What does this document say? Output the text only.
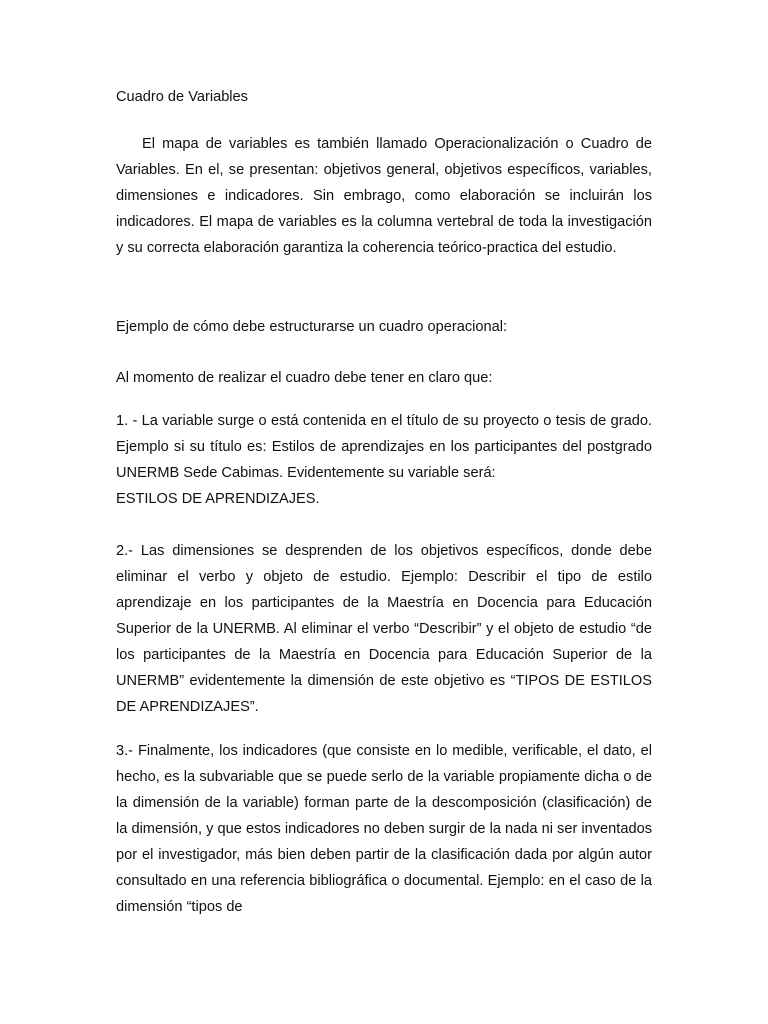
Cuadro de Variables

El mapa de variables es también llamado Operacionalización o Cuadro de Variables. En el, se presentan: objetivos general, objetivos específicos, variables, dimensiones e indicadores. Sin embrago, como elaboración se incluirán los indicadores. El mapa de variables es la columna vertebral de toda la investigación y su correcta elaboración garantiza la coherencia teórico-practica del estudio.

Ejemplo de cómo debe estructurarse un cuadro operacional:

Al momento de realizar el cuadro debe tener en claro que:

1. - La variable surge o está contenida en el título de su proyecto o tesis de grado. Ejemplo si su título es: Estilos de aprendizajes en los participantes del postgrado UNERMB Sede Cabimas. Evidentemente su variable será:
ESTILOS DE APRENDIZAJES.

2.- Las dimensiones se desprenden de los objetivos específicos, donde debe eliminar el verbo y objeto de estudio. Ejemplo: Describir el tipo de estilo aprendizaje en los participantes de la Maestría en Docencia para Educación Superior de la UNERMB. Al eliminar el verbo “Describir” y el objeto de estudio “de los participantes de la Maestría en Docencia para Educación Superior de la UNERMB” evidentemente la dimensión de este objetivo es “TIPOS DE ESTILOS DE APRENDIZAJES”.

3.- Finalmente, los indicadores (que consiste en lo medible, verificable, el dato, el hecho, es la subvariable que se puede serlo de la variable propiamente dicha o de la dimensión de la variable) forman parte de la descomposición (clasificación) de la dimensión, y que estos indicadores no deben surgir de la nada ni ser inventados por el investigador, más bien deben partir de la clasificación dada por algún autor consultado en una referencia bibliográfica o documental. Ejemplo: en el caso de la dimensión “tipos de
